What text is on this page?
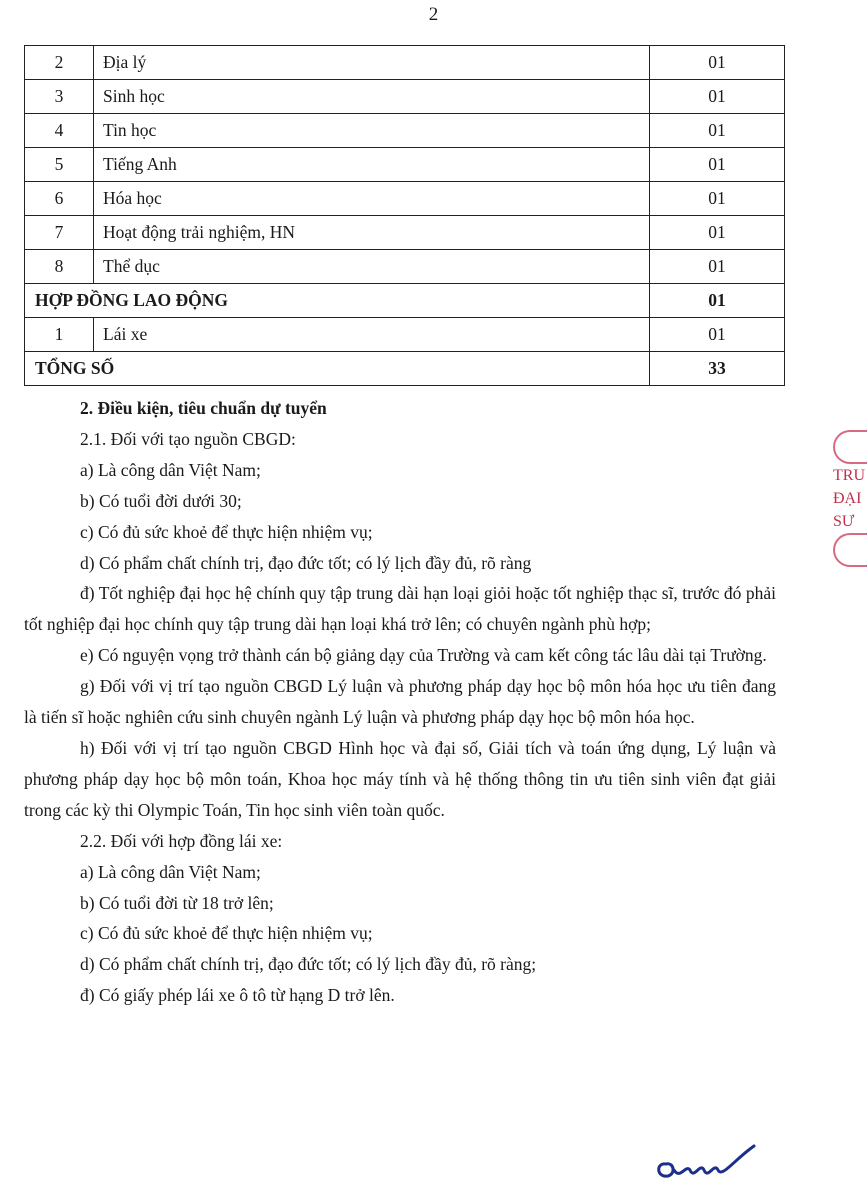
2
2	Địa lý	01
3	Sinh học	01
4	Tin học	01
5	Tiếng Anh	01
6	Hóa học	01
7	Hoạt động trải nghiệm, HN	01
8	Thể dục	01
HỢP ĐỒNG LAO ĐỘNG		01
1	Lái xe	01
TỔNG SỐ		33

2. Điều kiện, tiêu chuẩn dự tuyển

2.1. Đối với tạo nguồn CBGD:

a) Là công dân Việt Nam;

b) Có tuổi đời dưới 30;

c) Có đủ sức khoẻ để thực hiện nhiệm vụ;

d) Có phẩm chất chính trị, đạo đức tốt; có lý lịch đầy đủ, rõ ràng

đ) Tốt nghiệp đại học hệ chính quy tập trung dài hạn loại giỏi hoặc tốt nghiệp thạc sĩ, trước đó phải tốt nghiệp đại học chính quy tập trung dài hạn loại khá trở lên; có chuyên ngành phù hợp;

e) Có nguyện vọng trở thành cán bộ giảng dạy của Trường và cam kết công tác lâu dài tại Trường.

g) Đối với vị trí tạo nguồn CBGD Lý luận và phương pháp dạy học bộ môn hóa học ưu tiên đang là tiến sĩ hoặc nghiên cứu sinh chuyên ngành Lý luận và phương pháp dạy học bộ môn hóa học.

h) Đối với vị trí tạo nguồn CBGD Hình học và đại số, Giải tích và toán ứng dụng, Lý luận và phương pháp dạy học bộ môn toán, Khoa học máy tính và hệ thống thông tin ưu tiên sinh viên đạt giải trong các kỳ thi Olympic Toán, Tin học sinh viên toàn quốc.

2.2. Đối với hợp đồng lái xe:

a) Là công dân Việt Nam;

b) Có tuổi đời từ 18 trở lên;

c) Có đủ sức khoẻ để thực hiện nhiệm vụ;

d) Có phẩm chất chính trị, đạo đức tốt; có lý lịch đầy đủ, rõ ràng;

đ) Có giấy phép lái xe ô tô từ hạng D trở lên.

TRU
ĐẠI
SƯ
